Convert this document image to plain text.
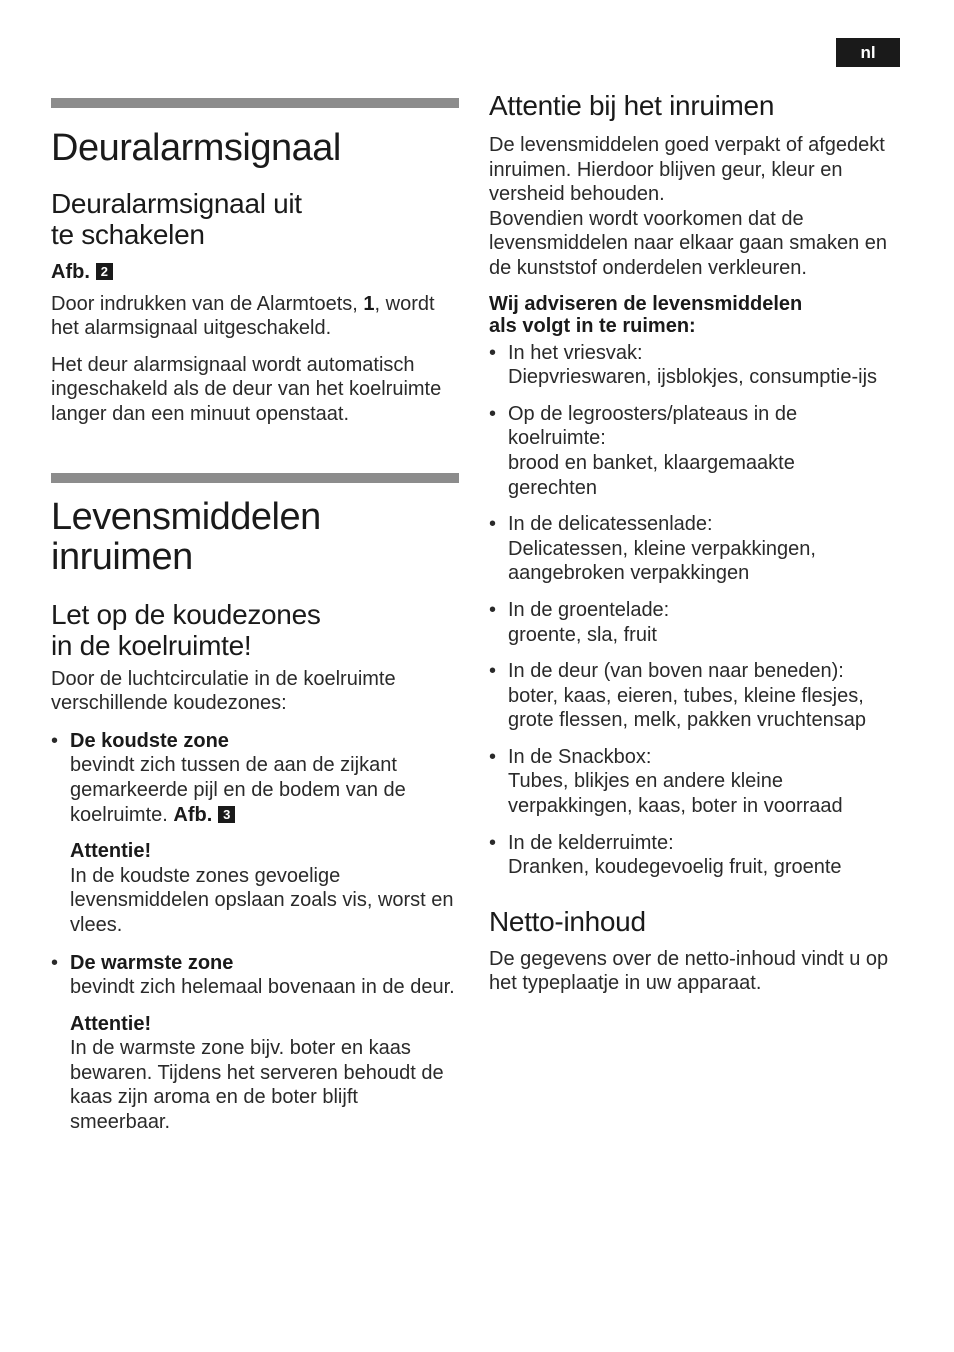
nl
Deuralarmsignaal
Deuralarmsignaal uit
te schakelen
Afb. 2

Door indrukken van de Alarmtoets, 1, wordt het alarmsignaal uitgeschakeld.

Het deur alarmsignaal wordt automatisch ingeschakeld als de deur van het koelruimte langer dan een minuut openstaat.

Levensmiddelen
inruimen
Let op de koudezones
in de koelruimte!

Door de luchtcirculatie in de koelruimte verschillende koudezones:

• De koudste zone
bevindt zich tussen de aan de zijkant gemarkeerde pijl en de bodem van de koelruimte. Afb. 3
Attentie!
In de koudste zones gevoelige levensmiddelen opslaan zoals vis, worst en vlees.
• De warmste zone
bevindt zich helemaal bovenaan in de deur.
Attentie!
In de warmste zone bijv. boter en kaas bewaren. Tijdens het serveren behoudt de kaas zijn aroma en de boter blijft smeerbaar.
Attentie bij het inruimen

De levensmiddelen goed verpakt of afgedekt inruimen. Hierdoor blijven geur, kleur en versheid behouden.

Bovendien wordt voorkomen dat de levensmiddelen naar elkaar gaan smaken en de kunststof onderdelen verkleuren.

Wij adviseren de levensmiddelen
als volgt in te ruimen:
• In het vriesvak:
Diepvrieswaren, ijsblokjes, consumptie-ijs
• Op de legroosters/plateaus in de koelruimte:
brood en banket, klaargemaakte gerechten
• In de delicatessenlade:
Delicatessen, kleine verpakkingen, aangebroken verpakkingen
• In de groentelade:
groente, sla, fruit
• In de deur (van boven naar beneden):
boter, kaas, eieren, tubes, kleine flesjes, grote flessen, melk, pakken vruchtensap
• In de Snackbox:
Tubes, blikjes en andere kleine verpakkingen, kaas, boter in voorraad
• In de kelderruimte:
Dranken, koudegevoelig fruit, groente
Netto-inhoud

De gegevens over de netto-inhoud vindt u op het typeplaatje in uw apparaat.
